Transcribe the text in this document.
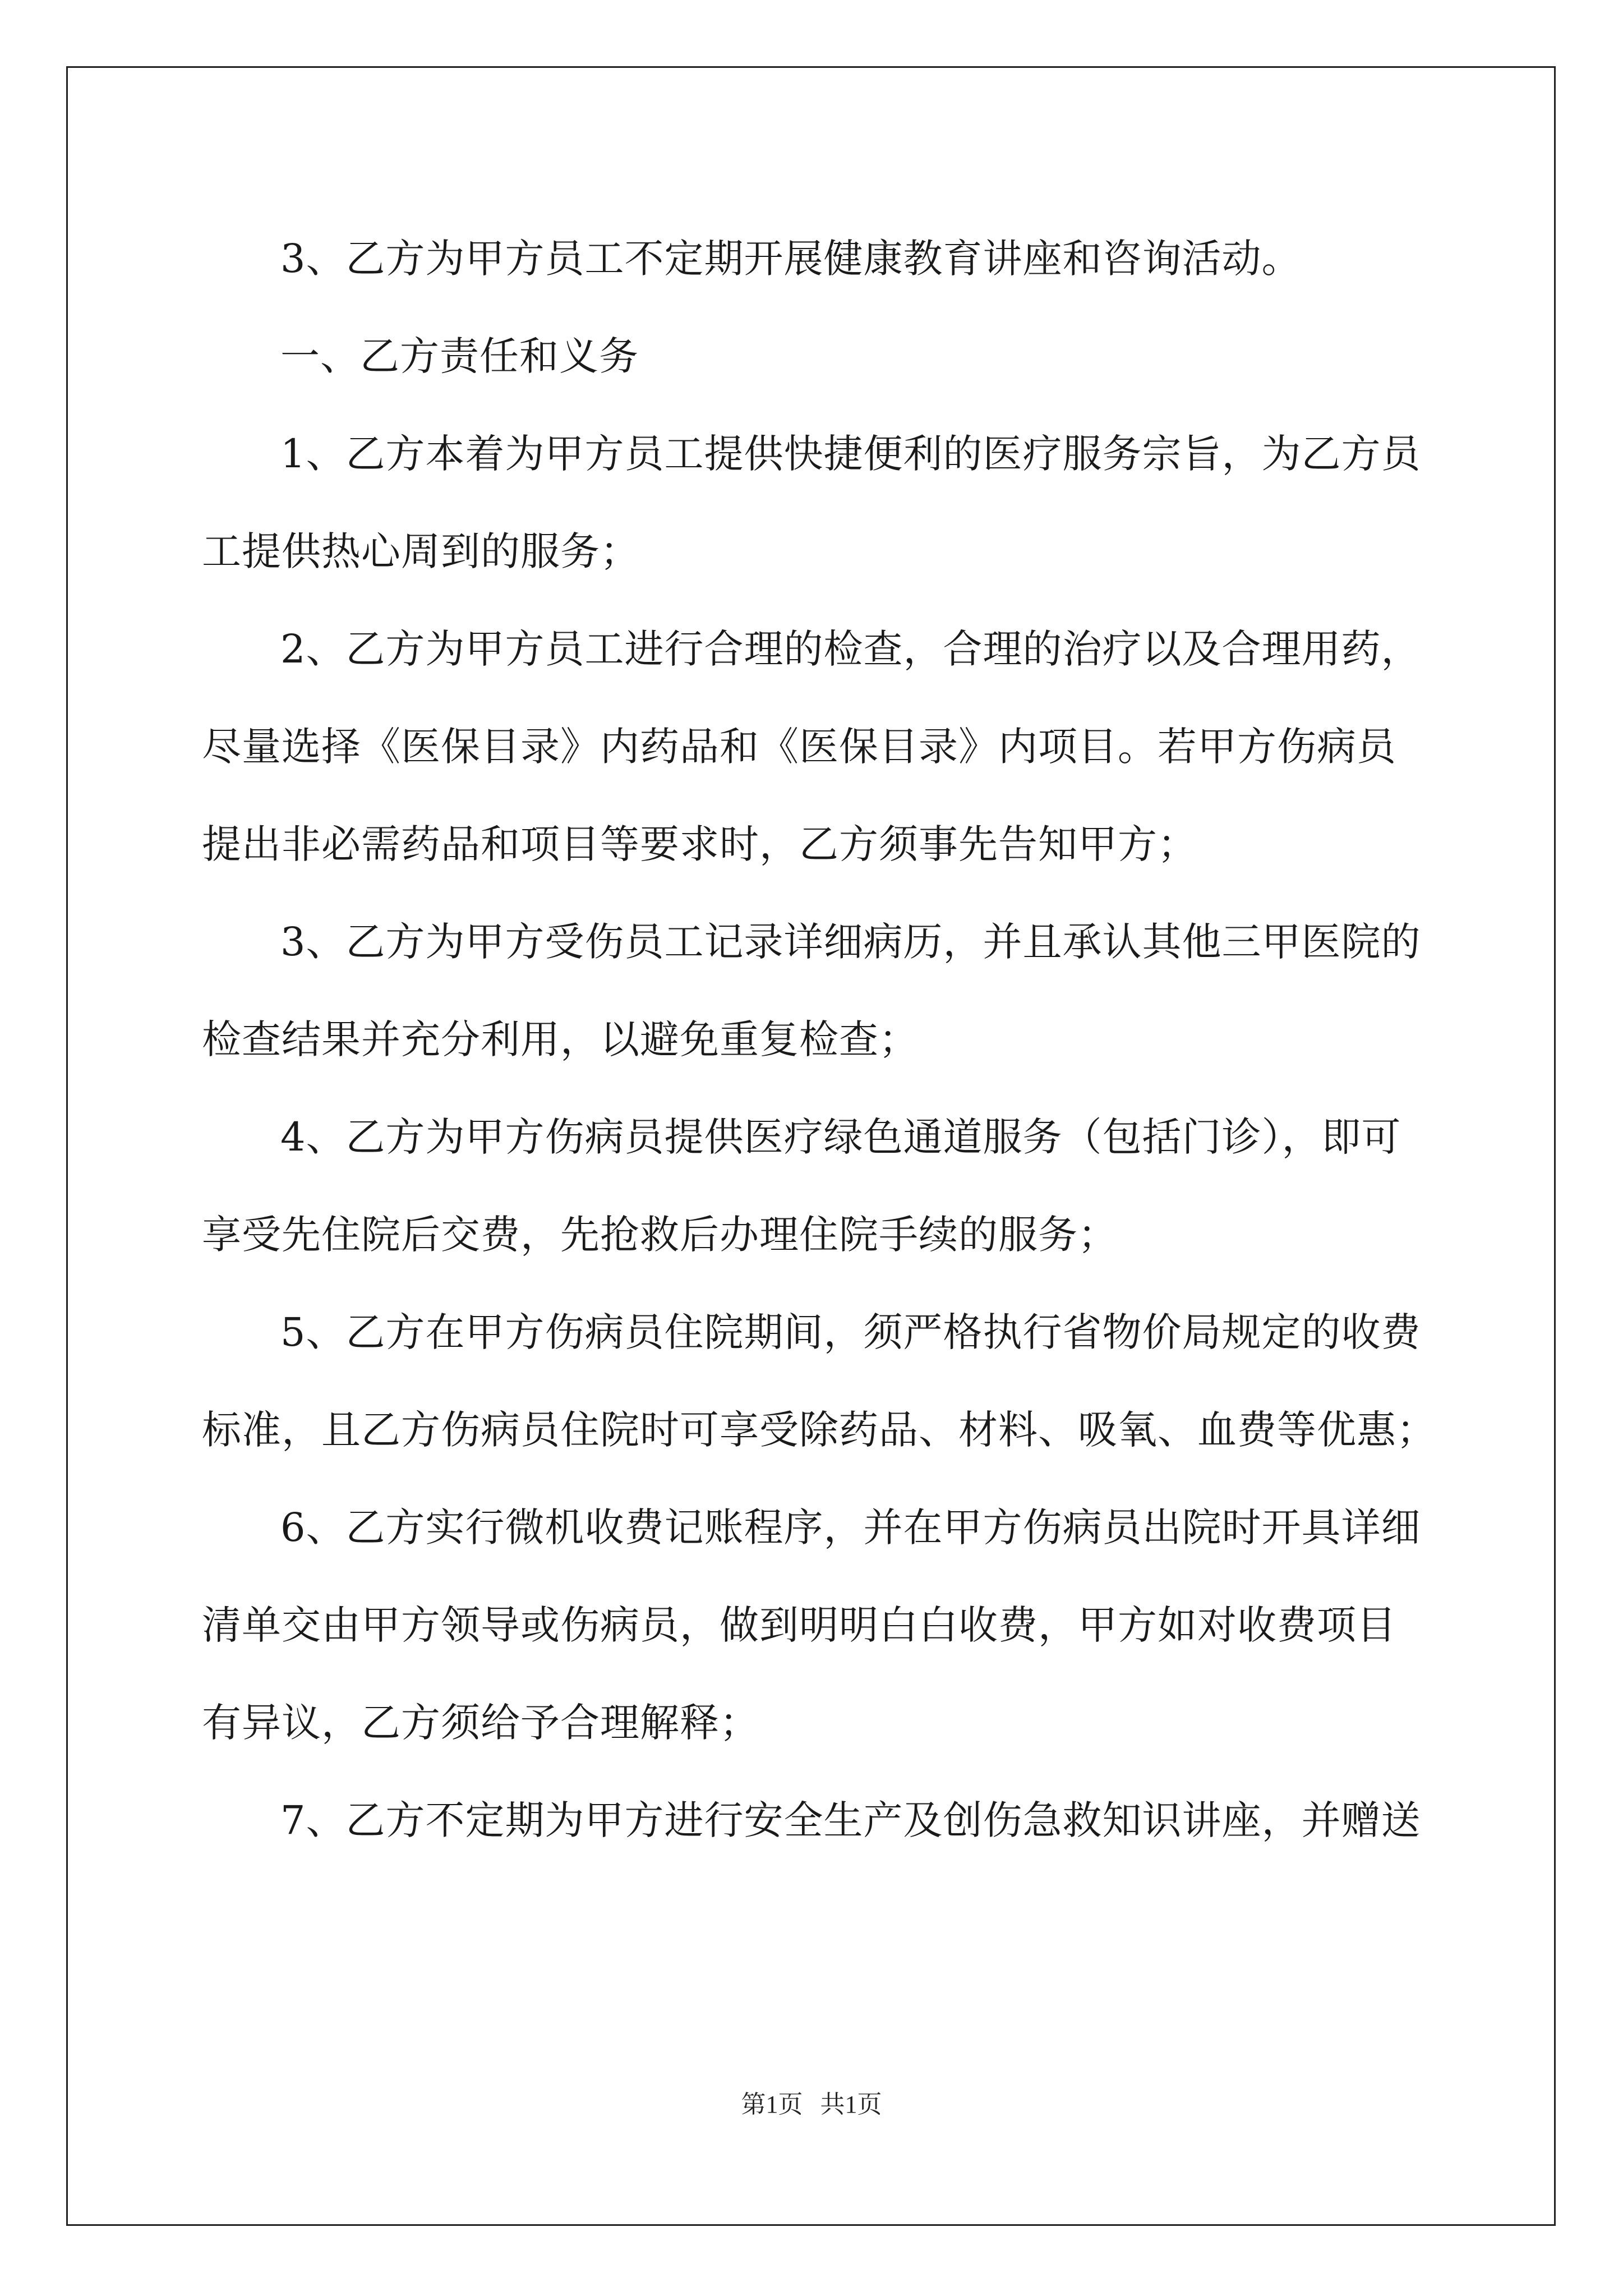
3、乙方为甲方员工不定期开展健康教育讲座和咨询活动。

一、乙方责任和义务

1、乙方本着为甲方员工提供快捷便利的医疗服务宗旨，为乙方员
工提供热心周到的服务；

2、乙方为甲方员工进行合理的检查，合理的治疗以及合理用药，
尽量选择《医保目录》内药品和《医保目录》内项目。若甲方伤病员
提出非必需药品和项目等要求时，乙方须事先告知甲方；

3、乙方为甲方受伤员工记录详细病历，并且承认其他三甲医院的
检查结果并充分利用，以避免重复检查；

4、乙方为甲方伤病员提供医疗绿色通道服务（包括门诊），即可
享受先住院后交费，先抢救后办理住院手续的服务；

5、乙方在甲方伤病员住院期间，须严格执行省物价局规定的收费
标准，且乙方伤病员住院时可享受除药品、材料、吸氧、血费等优惠；

6、乙方实行微机收费记账程序，并在甲方伤病员出院时开具详细
清单交由甲方领导或伤病员，做到明明白白收费，甲方如对收费项目
有异议，乙方须给予合理解释；

7、乙方不定期为甲方进行安全生产及创伤急救知识讲座，并赠送

第1页 共1页
